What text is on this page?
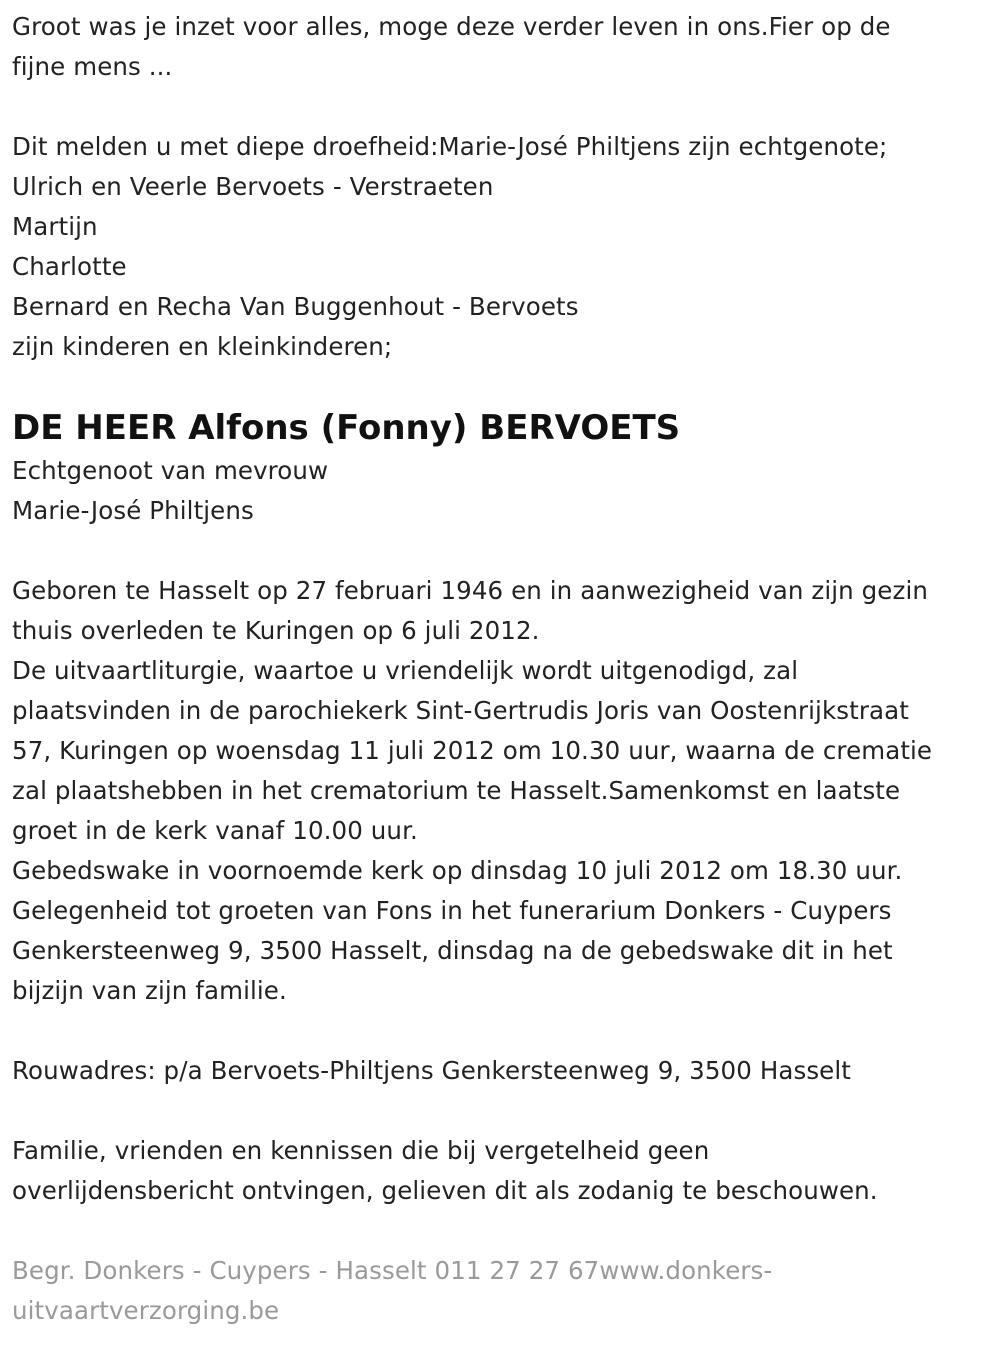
Groot was je inzet voor alles, moge deze verder leven in ons.Fier op de
fijne mens ...
Dit melden u met diepe droefheid:Marie-José Philtjens zijn echtgenote;
Ulrich en Veerle Bervoets - Verstraeten
Martijn
Charlotte
Bernard en Recha Van Buggenhout - Bervoets
zijn kinderen en kleinkinderen;
DE HEER Alfons (Fonny) BERVOETS
Echtgenoot van mevrouw
Marie-José Philtjens
Geboren te Hasselt op 27 februari 1946 en in aanwezigheid van zijn gezin
thuis overleden te Kuringen op 6 juli 2012.
De uitvaartliturgie, waartoe u vriendelijk wordt uitgenodigd, zal
plaatsvinden in de parochiekerk Sint-Gertrudis Joris van Oostenrijkstraat
57, Kuringen op woensdag 11 juli 2012 om 10.30 uur, waarna de crematie
zal plaatshebben in het crematorium te Hasselt.Samenkomst en laatste
groet in de kerk vanaf 10.00 uur.
Gebedswake in voornoemde kerk op dinsdag 10 juli 2012 om 18.30 uur.
Gelegenheid tot groeten van Fons in het funerarium Donkers - Cuypers
Genkersteenweg 9, 3500 Hasselt, dinsdag na de gebedswake dit in het
bijzijn van zijn familie.
Rouwadres: p/a Bervoets-Philtjens Genkersteenweg 9, 3500 Hasselt
Familie, vrienden en kennissen die bij vergetelheid geen
overlijdensbericht ontvingen, gelieven dit als zodanig te beschouwen.
Begr. Donkers - Cuypers - Hasselt 011 27 27 67www.donkers-
uitvaartverzorging.be
